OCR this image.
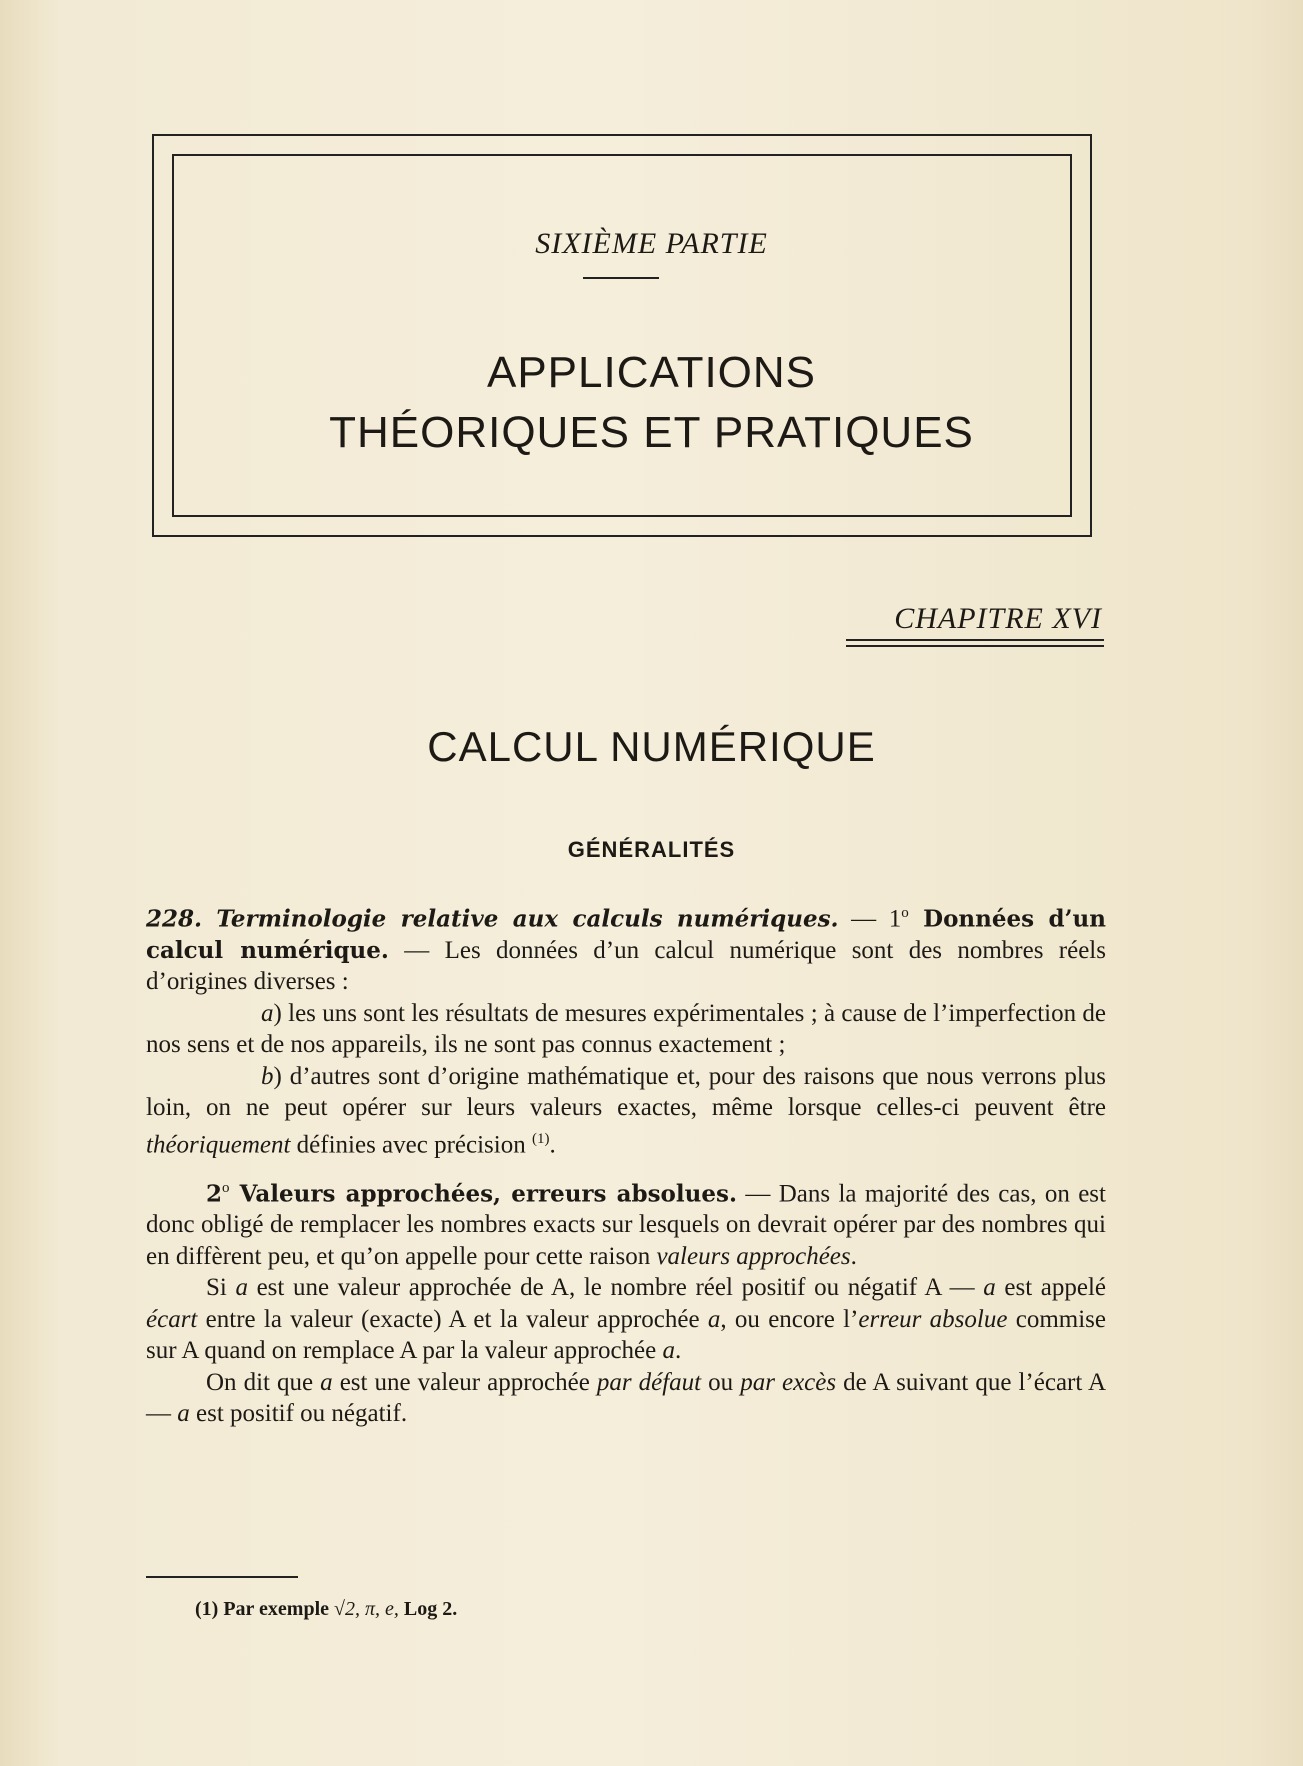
SIXIÈME PARTIE
APPLICATIONS
THÉORIQUES ET PRATIQUES
CHAPITRE XVI
CALCUL NUMÉRIQUE
GÉNÉRALITÉS

228. Terminologie relative aux calculs numériques. — 1$^o$ Données d’un calcul numérique. — Les données d’un calcul numérique sont des nombres réels d’origines diverses :

a) les uns sont les résultats de mesures expérimentales ; à cause de l’imperfection de nos sens et de nos appareils, ils ne sont pas connus exactement ;

b) d’autres sont d’origine mathématique et, pour des raisons que nous verrons plus loin, on ne peut opérer sur leurs valeurs exactes, même lorsque celles-ci peuvent être théoriquement définies avec précision $^{(1)}$.

2$^o$ Valeurs approchées, erreurs absolues. — Dans la majorité des cas, on est donc obligé de remplacer les nombres exacts sur lesquels on devrait opérer par des nombres qui en diffèrent peu, et qu’on appelle pour cette raison valeurs approchées.

Si a est une valeur approchée de A, le nombre réel positif ou négatif A — a est appelé écart entre la valeur (exacte) A et la valeur approchée a, ou encore l’erreur absolue commise sur A quand on remplace A par la valeur approchée a.

On dit que a est une valeur approchée par défaut ou par excès de A suivant que l’écart A — a est positif ou négatif.

(1) Par exemple √2, π, e, Log 2.
